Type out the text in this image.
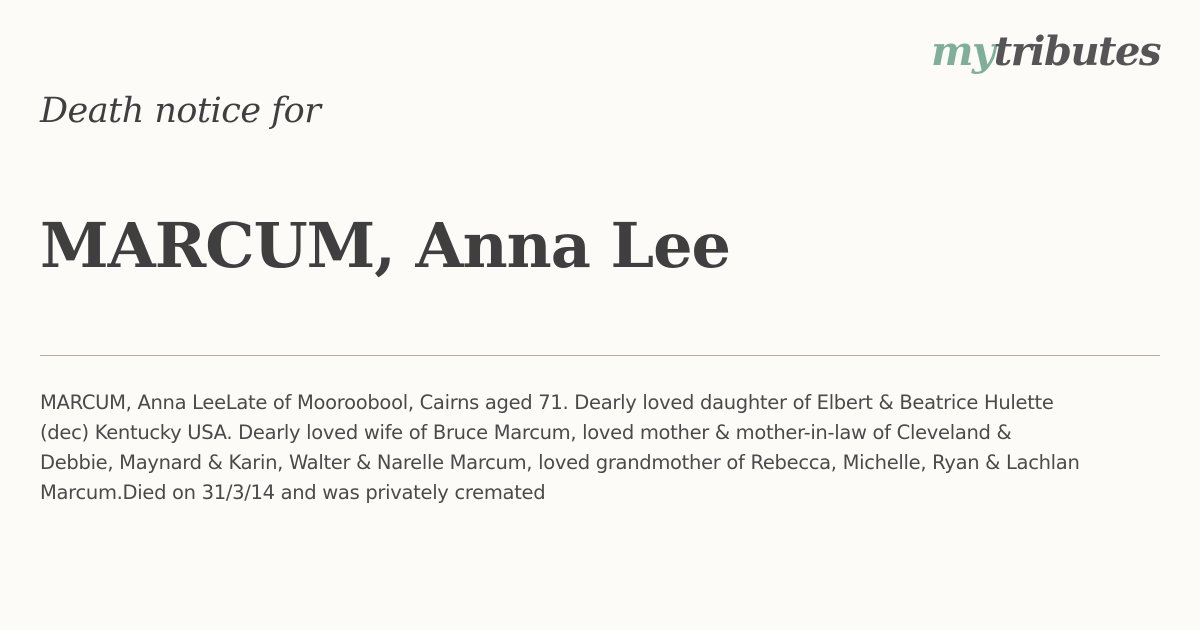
mytributes
Death notice for
MARCUM, Anna Lee
MARCUM, Anna LeeLate of Mooroobool, Cairns aged 71. Dearly loved daughter of Elbert & Beatrice Hulette (dec) Kentucky USA. Dearly loved wife of Bruce Marcum, loved mother & mother-in-law of Cleveland & Debbie, Maynard & Karin, Walter & Narelle Marcum, loved grandmother of Rebecca, Michelle, Ryan & Lachlan Marcum.Died on 31/3/14 and was privately cremated
